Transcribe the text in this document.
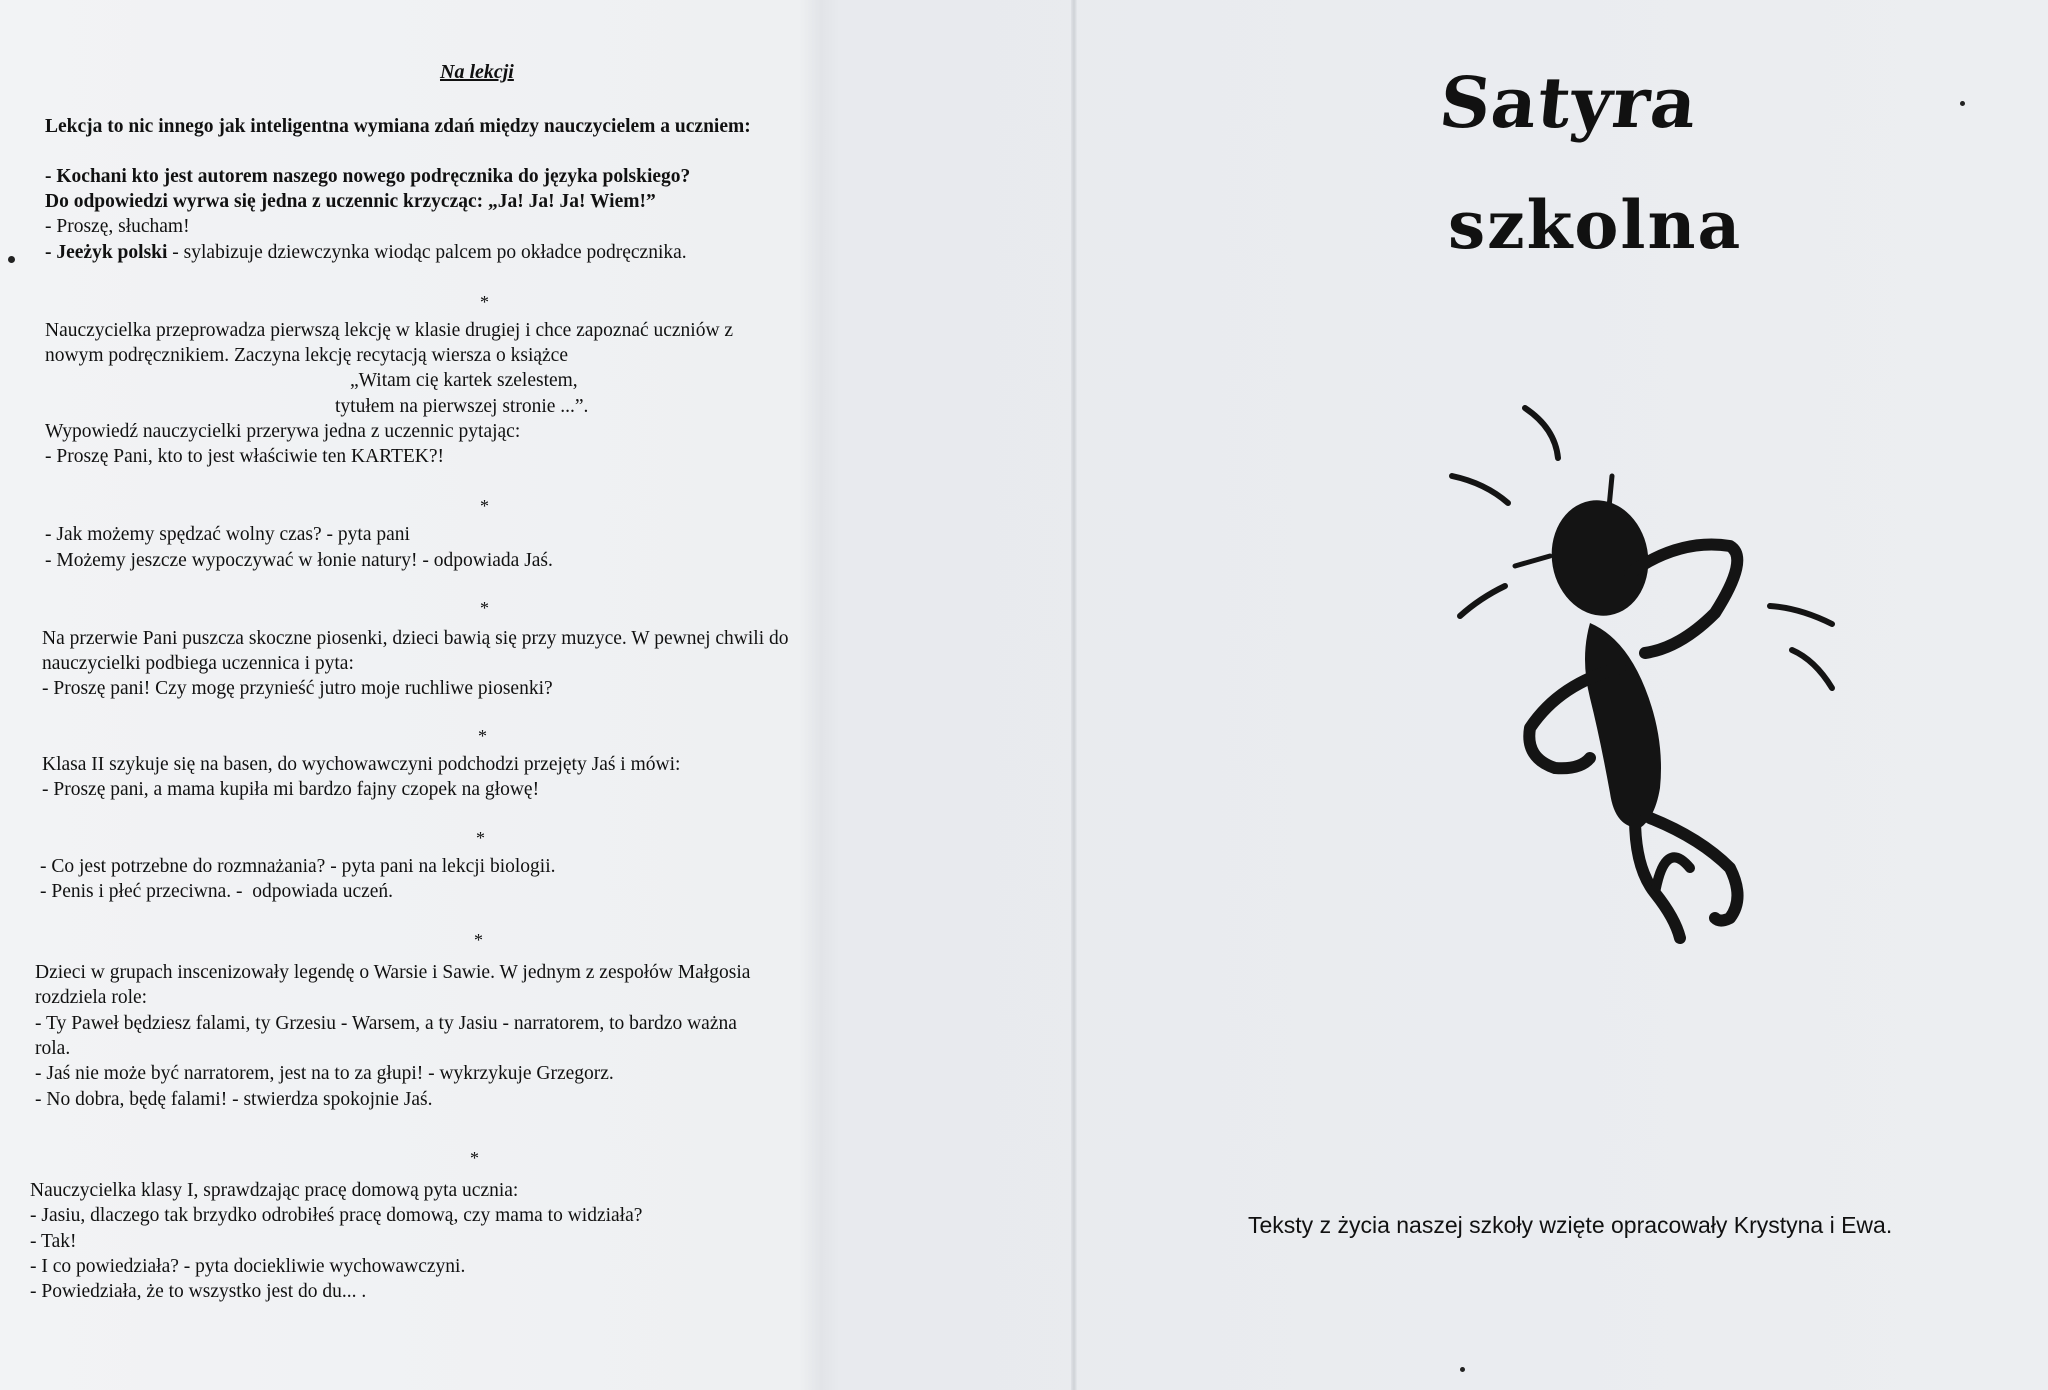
Na lekcji

Lekcja to nic innego jak inteligentna wymiana zdań między nauczycielem a uczniem:

- Kochani kto jest autorem naszego nowego podręcznika do języka polskiego?

Do odpowiedzi wyrwa się jedna z uczennic krzycząc: „Ja! Ja! Ja! Wiem!”

- Proszę, słucham!

- Jeeżyk polski - sylabizuje dziewczynka wiodąc palcem po okładce podręcznika.

*

Nauczycielka przeprowadza pierwszą lekcję w klasie drugiej i chce zapoznać uczniów z

nowym podręcznikiem. Zaczyna lekcję recytacją wiersza o książce

„Witam cię kartek szelestem,

tytułem na pierwszej stronie ...”.

Wypowiedź nauczycielki przerywa jedna z uczennic pytając:

- Proszę Pani, kto to jest właściwie ten KARTEK?!

*

- Jak możemy spędzać wolny czas? - pyta pani

- Możemy jeszcze wypoczywać w łonie natury! - odpowiada Jaś.

*

Na przerwie Pani puszcza skoczne piosenki, dzieci bawią się przy muzyce. W pewnej chwili do

nauczycielki podbiega uczennica i pyta:

- Proszę pani! Czy mogę przynieść jutro moje ruchliwe piosenki?

*

Klasa II szykuje się na basen, do wychowawczyni podchodzi przejęty Jaś i mówi:

- Proszę pani, a mama kupiła mi bardzo fajny czopek na głowę!

*

- Co jest potrzebne do rozmnażania? - pyta pani na lekcji biologii.

- Penis i płeć przeciwna. -  odpowiada uczeń.

*

Dzieci w grupach inscenizowały legendę o Warsie i Sawie. W jednym z zespołów Małgosia

rozdziela role:

- Ty Paweł będziesz falami, ty Grzesiu - Warsem, a ty Jasiu - narratorem, to bardzo ważna

rola.

- Jaś nie może być narratorem, jest na to za głupi! - wykrzykuje Grzegorz.

- No dobra, będę falami! - stwierdza spokojnie Jaś.

*

Nauczycielka klasy I, sprawdzając pracę domową pyta ucznia:

- Jasiu, dlaczego tak brzydko odrobiłeś pracę domową, czy mama to widziała?

- Tak!

- I co powiedziała? - pyta dociekliwie wychowawczyni.

- Powiedziała, że to wszystko jest do du... .

Satyra
szkolna
Teksty z życia naszej szkoły wzięte opracowały Krystyna i Ewa.
